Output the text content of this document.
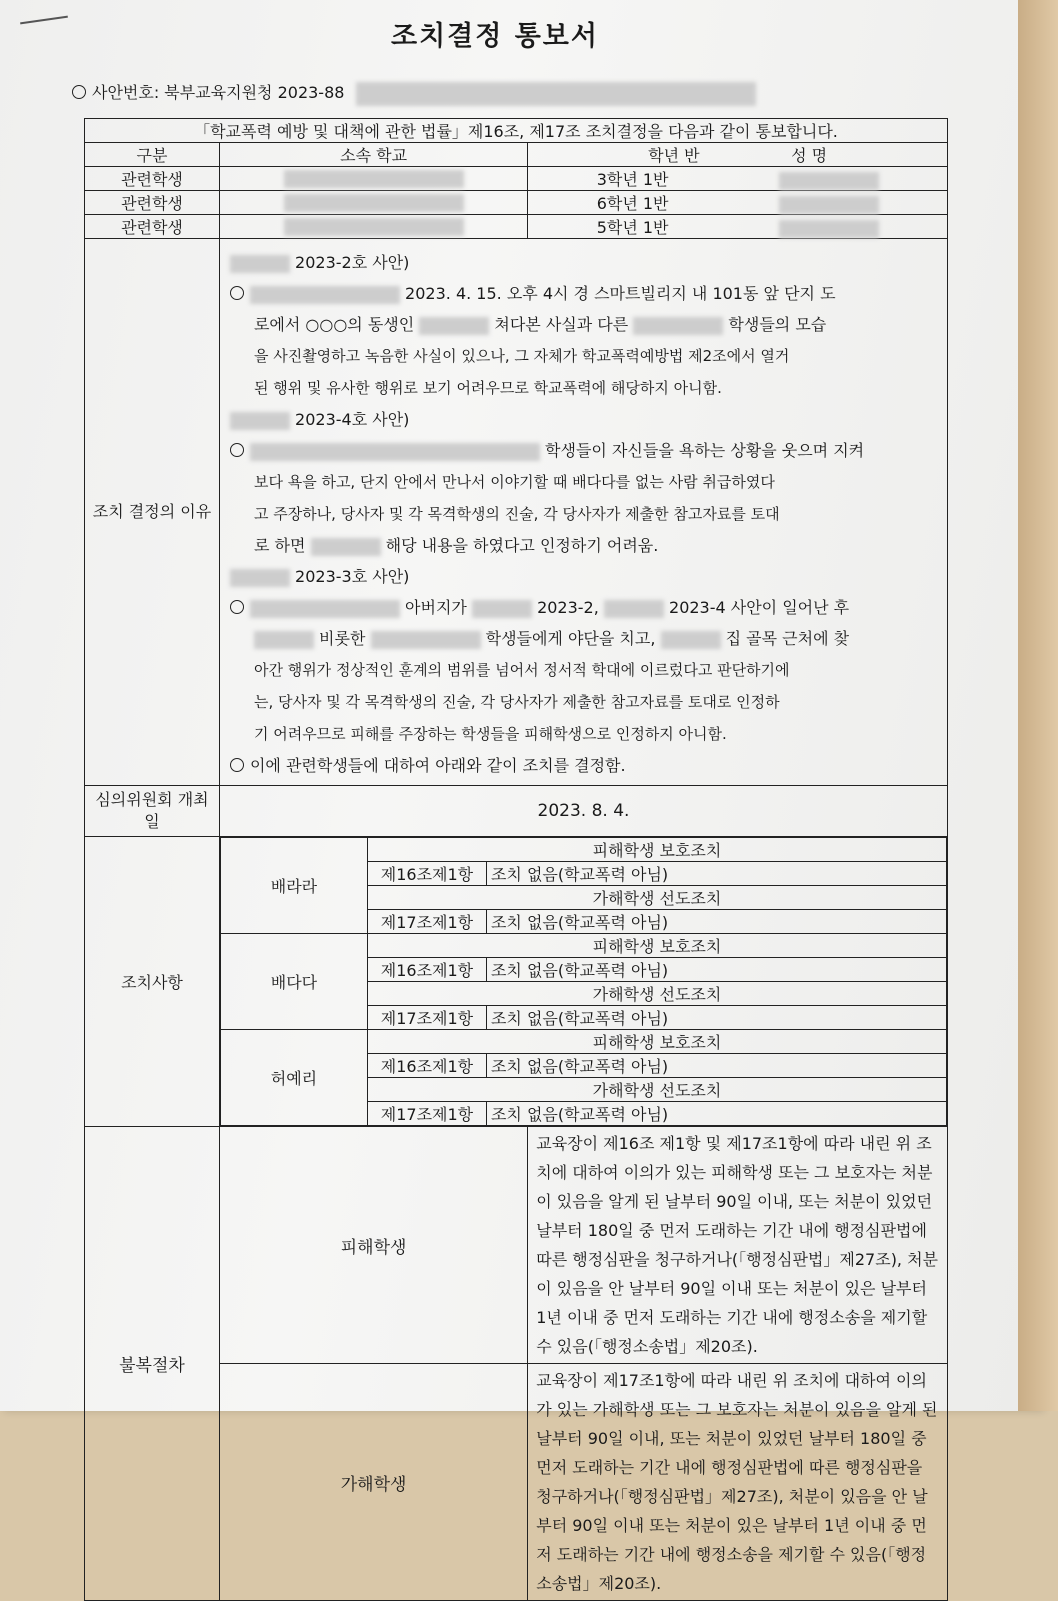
조치결정 통보서
사안번호: 북부교육지원청 2023-88
「학교폭력 예방 및 대책에 관한 법률」제16조, 제17조 조치결정을 다음과 같이 통보합니다.
구분	소속 학교	학년 반	성 명
관련학생		3학년 1반
관련학생		6학년 1반
관련학생		5학년 1반
조치 결정의 이유	
2023-2호 사안)
2023. 4. 15. 오후 4시 경 스마트빌리지 내 101동 앞 단지 도
로에서 ○○○의 동생인	쳐다본 사실과 다른	학생들의 모습
을 사진촬영하고 녹음한 사실이 있으나, 그 자체가 학교폭력예방법 제2조에서 열거
된 행위 및 유사한 행위로 보기 어려우므로 학교폭력에 해당하지 아니함.
2023-4호 사안)
학생들이 자신들을 욕하는 상황을 웃으며 지켜
보다 욕을 하고, 단지 안에서 만나서 이야기할 때 배다다를 없는 사람 취급하였다
고 주장하나, 당사자 및 각 목격학생의 진술, 각 당사자가 제출한 참고자료를 토대
로 하면	해당 내용을 하였다고 인정하기 어려움.
2023-3호 사안)
아버지가	2023-2,	2023-4 사안이 일어난 후
비롯한	학생들에게 야단을 치고,	집 골목 근처에 찾
아간 행위가 정상적인 훈계의 범위를 넘어서 정서적 학대에 이르렀다고 판단하기에
는, 당사자 및 각 목격학생의 진술, 각 당사자가 제출한 참고자료를 토대로 인정하
기 어려우므로 피해를 주장하는 학생들을 피해학생으로 인정하지 아니함.
이에 관련학생들에 대하여 아래와 같이 조치를 결정함.

심의위원회 개최일	2023. 8. 4.
조치사항	
배라라	피해학생 보호조치
제16조제1항	조치 없음(학교폭력 아님)
가해학생 선도조치
제17조제1항	조치 없음(학교폭력 아님)
배다다	피해학생 보호조치
제16조제1항	조치 없음(학교폭력 아님)
가해학생 선도조치
제17조제1항	조치 없음(학교폭력 아님)
허예리	피해학생 보호조치
제16조제1항	조치 없음(학교폭력 아님)
가해학생 선도조치
제17조제1항	조치 없음(학교폭력 아님)

불복절차	피해학생	교육장이 제16조 제1항 및 제17조1항에 따라 내린 위 조치에 대하여 이의가 있는 피해학생 또는 그 보호자는 처분이 있음을 알게 된 날부터 90일 이내, 또는 처분이 있었던 날부터 180일 중 먼저 도래하는 기간 내에 행정심판법에 따른 행정심판을 청구하거나(「행정심판법」제27조), 처분이 있음을 안 날부터 90일 이내 또는 처분이 있은 날부터 1년 이내 중 먼저 도래하는 기간 내에 행정소송을 제기할 수 있음(「행정소송법」제20조).
가해학생	교육장이 제17조1항에 따라 내린 위 조치에 대하여 이의가 있는 가해학생 또는 그 보호자는 처분이 있음을 알게 된 날부터 90일 이내, 또는 처분이 있었던 날부터 180일 중 먼저 도래하는 기간 내에 행정심판법에 따른 행정심판을 청구하거나(「행정심판법」제27조), 처분이 있음을 안 날부터 90일 이내 또는 처분이 있은 날부터 1년 이내 중 먼저 도래하는 기간 내에 행정소송을 제기할 수 있음(「행정소송법」제20조).
